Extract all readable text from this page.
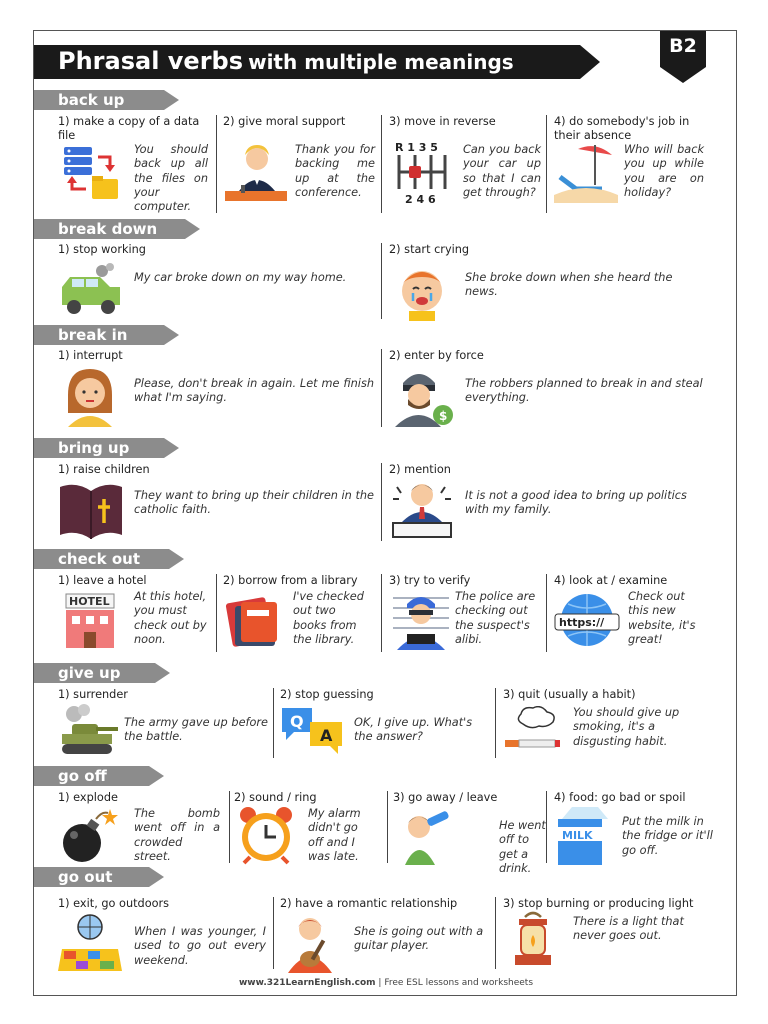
Phrasal verbs with multiple meanings
B2
back up
1) make a copy of a data file
You should back up all the files on your computer.
2) give moral support
Thank you for backing me up at the conference.
3) move in reverse
R 1 3 5
2 4 6
Can you back your car up so that I can get through?
4) do somebody's job in their absence
Who will back you up while you are on holiday?
break down
1) stop working
My car broke down on my way home.
2) start crying
She broke down when she heard the news.
break in
1) interrupt
Please, don't break in again. Let me finish what I'm saying.
2) enter by force
$
The robbers planned to break in and steal everything.
bring up
1) raise children
They want to bring up their children in the catholic faith.
2) mention
It is not a good idea to bring up politics with my family.
check out
1) leave a hotel
HOTEL At this hotel, you must check out by noon.
2) borrow from a library
I've checked out two books from the library.
3) try to verify
The police are checking out the suspect's alibi.
4) look at / examine
https://
Check out this new website, it's great!
give up
1) surrender
The army gave up before the battle.
2) stop guessing
Q
A
OK, I give up. What's the answer?
3) quit (usually a habit)
You should give up smoking, it's a disgusting habit.
go off
1) explode
The bomb went off in a crowded street.
2) sound / ring
My alarm didn't go off and I was late.
3) go away / leave
He went off to get a drink.
4) food: go bad or spoil
MILK
Put the milk in the fridge or it'll go off.
go out
1) exit, go outdoors
When I was younger, I used to go out every weekend.
2) have a romantic relationship
She is going out with a guitar player.
3) stop burning or producing light
There is a light that never goes out.
www.321LearnEnglish.com | Free ESL lessons and worksheets
